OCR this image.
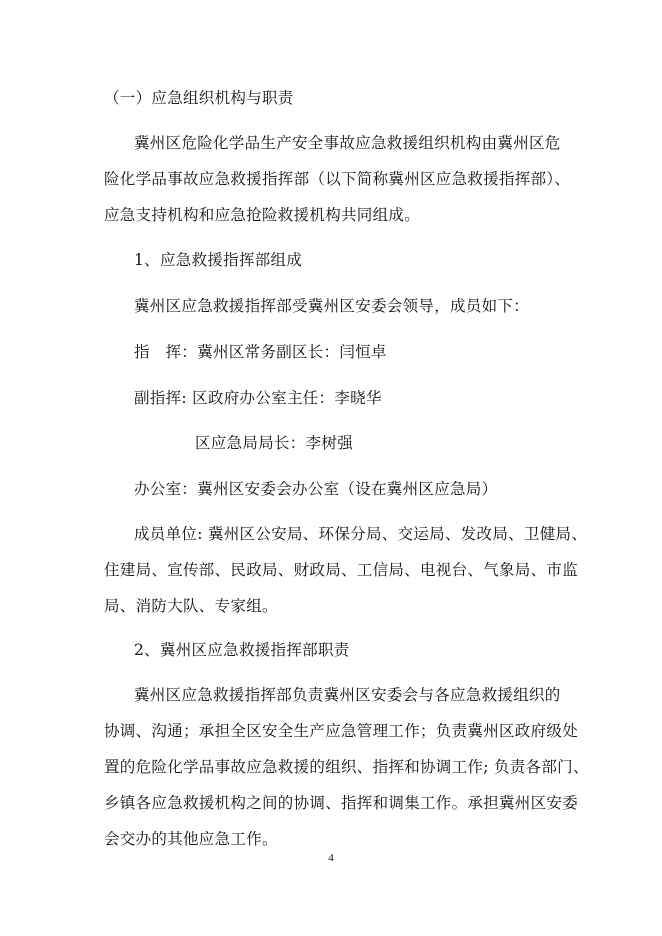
（一）应急组织机构与职责
冀州区危险化学品生产安全事故应急救援组织机构由冀州区危
险化学品事故应急救援指挥部（以下简称冀州区应急救援指挥部）、
应急支持机构和应急抢险救援机构共同组成。
1、应急救援指挥部组成
冀州区应急救援指挥部受冀州区安委会领导，成员如下：
指　挥：冀州区常务副区长：闫恒卓
副指挥: 区政府办公室主任：李晓华
区应急局局长：李树强
办公室：冀州区安委会办公室（设在冀州区应急局）
成员单位: 冀州区公安局、环保分局、交运局、发改局、卫健局、
住建局、宣传部、民政局、财政局、工信局、电视台、气象局、市监
局、消防大队、专家组。
2、冀州区应急救援指挥部职责
冀州区应急救援指挥部负责冀州区安委会与各应急救援组织的
协调、沟通；承担全区安全生产应急管理工作；负责冀州区政府级处
置的危险化学品事故应急救援的组织、指挥和协调工作; 负责各部门、
乡镇各应急救援机构之间的协调、指挥和调集工作。承担冀州区安委
会交办的其他应急工作。
4
